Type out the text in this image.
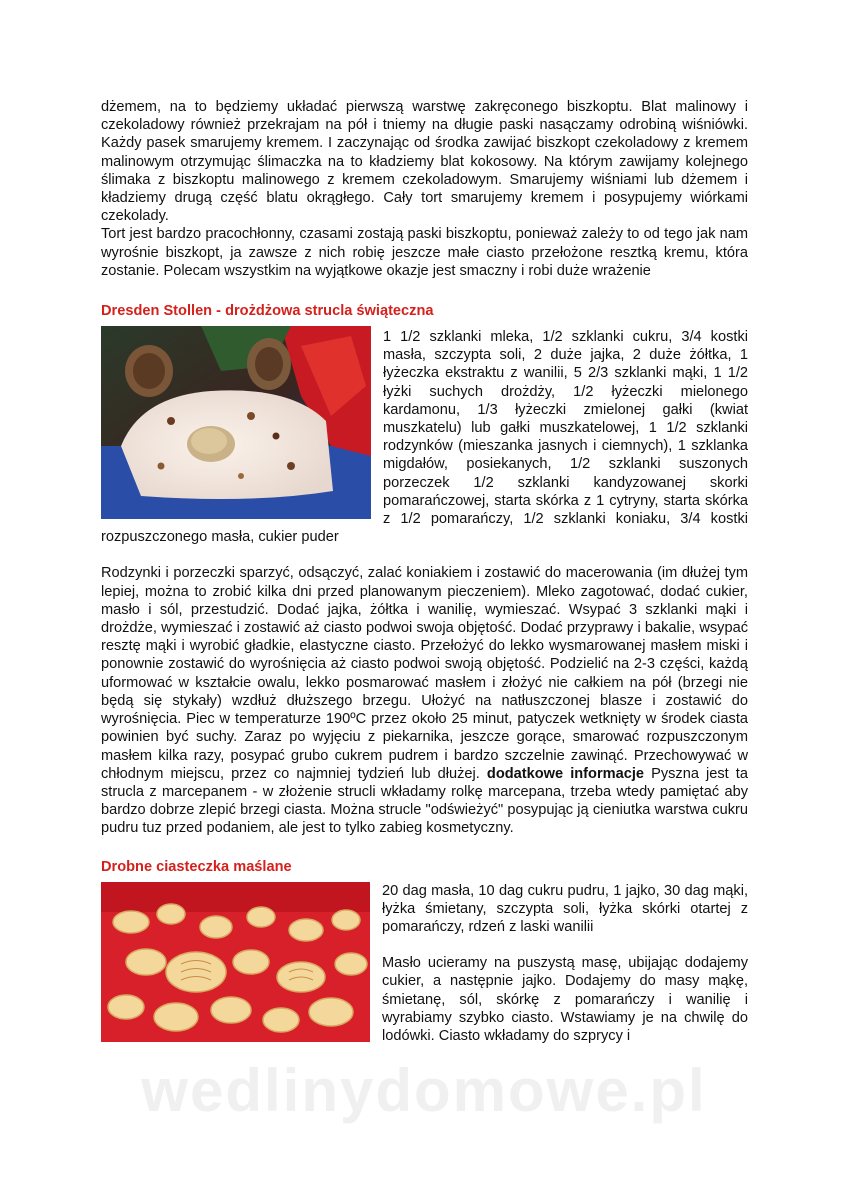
dżemem, na to będziemy układać pierwszą warstwę zakręconego biszkoptu. Blat malinowy i czekoladowy również przekrajam na pół i tniemy na długie paski nasączamy odrobiną wiśniówki. Każdy pasek smarujemy kremem. I zaczynając od środka zawijać biszkopt czekoladowy z kremem malinowym otrzymując ślimaczka na to kładziemy blat kokosowy. Na którym zawijamy kolejnego ślimaka z biszkoptu malinowego z kremem czekoladowym. Smarujemy wiśniami lub dżemem i kładziemy drugą część blatu okrągłego. Cały tort smarujemy kremem i posypujemy wiórkami czekolady.

Tort jest bardzo pracochłonny, czasami zostają paski biszkoptu, ponieważ zależy to od tego jak nam wyrośnie biszkopt, ja zawsze z nich robię jeszcze małe ciasto przełożone resztką kremu, która zostanie. Polecam wszystkim na wyjątkowe okazje jest smaczny i robi duże wrażenie

Dresden Stollen - drożdżowa strucla świąteczna

1 1/2 szklanki mleka, 1/2 szklanki cukru, 3/4 kostki masła, szczypta soli, 2 duże jajka, 2 duże żółtka, 1 łyżeczka ekstraktu z wanilii, 5 2/3 szklanki mąki, 1 1/2 łyżki suchych drożdży, 1/2 łyżeczki mielonego kardamonu, 1/3 łyżeczki zmielonej gałki (kwiat muszkatelu) lub gałki muszkatelowej, 1 1/2 szklanki rodzynków (mieszanka jasnych i ciemnych), 1 szklanka migdałów, posiekanych, 1/2 szklanki suszonych porzeczek 1/2 szklanki kandyzowanej skorki pomarańczowej, starta skórka z 1 cytryny, starta skórka z 1/2 pomarańczy, 1/2 szklanki koniaku, 3/4 kostki rozpuszczonego masła, cukier puder

Rodzynki i porzeczki sparzyć, odsączyć, zalać koniakiem i zostawić do macerowania (im dłużej tym lepiej, można to zrobić kilka dni przed planowanym pieczeniem). Mleko zagotować, dodać cukier, masło i sól, przestudzić. Dodać jajka, żółtka i wanilię, wymieszać. Wsypać 3 szklanki mąki i drożdże, wymieszać i zostawić aż ciasto podwoi swoja objętość. Dodać przyprawy i bakalie, wsypać resztę mąki i wyrobić gładkie, elastyczne ciasto. Przełożyć do lekko wysmarowanej masłem miski i ponownie zostawić do wyrośnięcia aż ciasto podwoi swoją objętość. Podzielić na 2-3 części, każdą uformować w kształcie owalu, lekko posmarować masłem i złożyć nie całkiem na pół (brzegi nie będą się stykały) wzdłuż dłuższego brzegu. Ułożyć na natłuszczonej blasze i zostawić do wyrośnięcia. Piec w temperaturze 190ºC przez około 25 minut, patyczek wetknięty w środek ciasta powinien być suchy. Zaraz po wyjęciu z piekarnika, jeszcze gorące, smarować rozpuszczonym masłem kilka razy, posypać grubo cukrem pudrem i bardzo szczelnie zawinąć. Przechowywać w chłodnym miejscu, przez co najmniej tydzień lub dłużej. dodatkowe informacje Pyszna jest ta strucla z marcepanem - w złożenie strucli wkładamy rolkę marcepana, trzeba wtedy pamiętać aby bardzo dobrze zlepić brzegi ciasta. Można strucle "odświeżyć" posypując ją cieniutka warstwa cukru pudru tuz przed podaniem, ale jest to tylko zabieg kosmetyczny.

Drobne ciasteczka maślane

20 dag masła, 10 dag cukru pudru, 1 jajko, 30 dag mąki, łyżka śmietany, szczypta soli, łyżka skórki otartej z pomarańczy, rdzeń z laski wanilii

Masło ucieramy na puszystą masę, ubijając dodajemy cukier, a następnie jajko. Dodajemy do masy mąkę, śmietanę, sól, skórkę z pomarańczy i wanilię i wyrabiamy szybko ciasto. Wstawiamy je na chwilę do lodówki. Ciasto wkładamy do szprycy i

wedlinydomowe.pl
